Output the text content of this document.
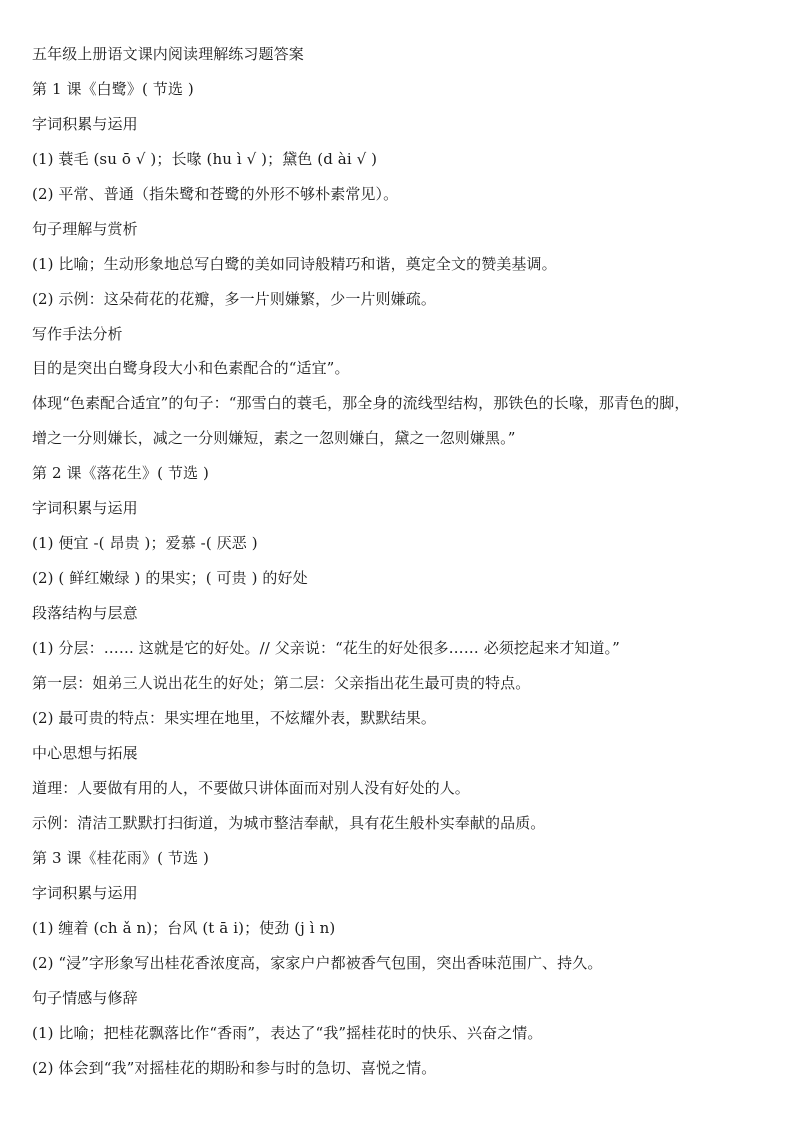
五年级上册语文课内阅读理解练习题答案
第 1 课《白鹭》( 节选 )
字词积累与运用
(1) 蓑毛 (su ō √ )；长喙 (hu ì √ )；黛色 (d ài √ )
(2) 平常、普通（指朱鹭和苍鹭的外形不够朴素常见）。
句子理解与赏析
(1) 比喻；生动形象地总写白鹭的美如同诗般精巧和谐，奠定全文的赞美基调。
(2) 示例：这朵荷花的花瓣，多一片则嫌繁，少一片则嫌疏。
写作手法分析
目的是突出白鹭身段大小和色素配合的“适宜”。
体现“色素配合适宜”的句子：“那雪白的蓑毛，那全身的流线型结构，那铁色的长喙，那青色的脚，
增之一分则嫌长，减之一分则嫌短，素之一忽则嫌白，黛之一忽则嫌黑。”
第 2 课《落花生》( 节选 )
字词积累与运用
(1) 便宜 -( 昂贵 )；爱慕 -( 厌恶 )
(2) ( 鲜红嫩绿 ) 的果实；( 可贵 ) 的好处
段落结构与层意
(1) 分层：…… 这就是它的好处。// 父亲说：“花生的好处很多…… 必须挖起来才知道。”
第一层：姐弟三人说出花生的好处；第二层：父亲指出花生最可贵的特点。
(2) 最可贵的特点：果实埋在地里，不炫耀外表，默默结果。
中心思想与拓展
道理：人要做有用的人，不要做只讲体面而对别人没有好处的人。
示例：清洁工默默打扫街道，为城市整洁奉献，具有花生般朴实奉献的品质。
第 3 课《桂花雨》( 节选 )
字词积累与运用
(1) 缠着 (ch ǎ n)；台风 (t ā i)；使劲 (j ì n)
(2) “浸”字形象写出桂花香浓度高，家家户户都被香气包围，突出香味范围广、持久。
句子情感与修辞
(1) 比喻；把桂花飘落比作“香雨”，表达了“我”摇桂花时的快乐、兴奋之情。
(2) 体会到“我”对摇桂花的期盼和参与时的急切、喜悦之情。
